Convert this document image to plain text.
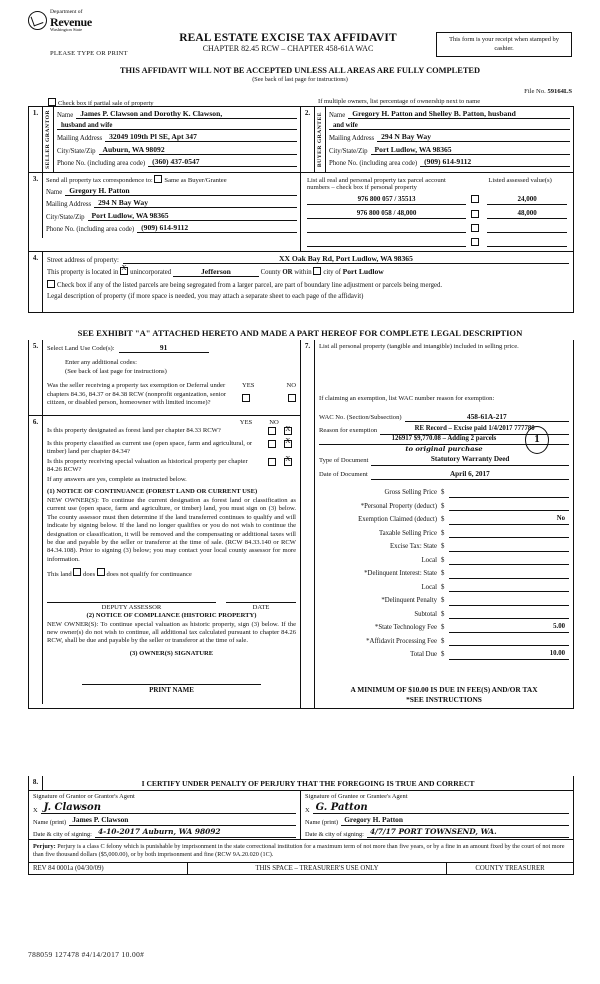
Department of
Revenue
Washington State
PLEASE TYPE OR PRINT
REAL ESTATE EXCISE TAX AFFIDAVIT
CHAPTER 82.45 RCW – CHAPTER 458-61A WAC
This form is your receipt when stamped by cashier.
THIS AFFIDAVIT WILL NOT BE ACCEPTED UNLESS ALL AREAS ARE FULLY COMPLETED
(See back of last page for instructions)
File No. 59164LS
Check box if partial sale of property	If multiple owners, list percentage of ownership next to name
1.	SELLER GRANTOR Name James P. Clawson and Dorothy K. Clawson,
husband and wife
Mailing Address 32049 109th Pl SE, Apt 347
City/State/Zip Auburn, WA 98092
Phone No. (including area code) (360) 437-0547
2.	BUYER GRANTEE Name Gregory H. Patton and Shelley B. Patton, husband
and wife
Mailing Address 294 N Bay Way
City/State/Zip Port Ludlow, WA 98365
Phone No. (including area code) (909) 614-9112
3.	Send all property tax correspondence to: Same as Buyer/Grantee
Name Gregory H. Patton
Mailing Address 294 N Bay Way
City/State/Zip Port Ludlow, WA 98365
Phone No. (including area code) (909) 614-9112
List all real and personal property tax parcel account numbers – check box if personal property	Listed assessed value(s)

976 800 057 / 35513	24,000

976 800 058 / 48,000	48,000

4.	Street address of property:	XX Oak Bay Rd, Port Ludlow, WA 98365
This property is located in X unincorporated	Jefferson	County OR within city of Port Ludlow
Check box if any of the listed parcels are being segregated from a larger parcel, are part of boundary line adjustment or parcels being merged.
Legal description of property (if more space is needed, you may attach a separate sheet to each page of the affidavit)
SEE EXHIBIT "A" ATTACHED HERETO AND MADE A PART HEREOF FOR COMPLETE LEGAL DESCRIPTION
5.	Select Land Use Code(s):	91
Enter any additional codes:
(See back of last page for instructions)
Was the seller receiving a property tax exemption or Deferral under chapters 84.36, 84.37 or 84.38 RCW (nonprofit organization, senior citizen, or disabled person, homeowner with limited income)?
YES	NO
6.	YES	NO
Is this property designated as forest land per chapter 84.33 RCW?
X
Is this property classified as current use (open space, farm and agricultural, or timber) land per chapter 84.34?
X
Is this property receiving special valuation as historical property per chapter 84.26 RCW?
X
If any answers are yes, complete as instructed below.
(1) NOTICE OF CONTINUANCE (FOREST LAND OR CURRENT USE)
NEW OWNER(S): To continue the current designation as forest land or classification as current use (open space, farm and agriculture, or timber) land, you must sign on (3) below. The county assessor must then determine if the land transferred continues to qualify and will indicate by signing below. If the land no longer qualifies or you do not wish to continue the designation or classification, it will be removed and the compensating or additional taxes will be due and payable by the seller or transferor at the time of sale. (RCW 84.33.140 or RCW 84.34.108). Prior to signing (3) below; you may contact your local county assessor for more information.
This land does does not qualify for continuance
DEPUTY ASSESSOR	DATE
(2) NOTICE OF COMPLIANCE (HISTORIC PROPERTY)
NEW OWNER(S): To continue special valuation as historic property, sign (3) below. If the new owner(s) do not wish to continue, all additional tax calculated pursuant to chapter 84.26 RCW, shall be due and payable by the seller or transferor at the time of sale.
(3) OWNER(S) SIGNATURE
PRINT NAME
7.	List all personal property (tangible and intangible) included in selling price.
If claiming an exemption, list WAC number reason for exemption:
WAC No. (Section/Subsection)	458-61A-217
Reason for exemption	RE Record – Excise paid 1/4/2017 777780
126917 $9,770.08 – Adding 2 parcels
to original purchase
Type of Document	Statutory Warranty Deed
Date of Document	April 6, 2017
Gross Selling Price $
*Personal Property (deduct) $
Exemption Claimed (deduct) $	No
Taxable Selling Price $
Excise Tax: State $
Local $
*Delinquent Interest: State $
Local $
*Delinquent Penalty $
Subtotal $
*State Technology Fee $	5.00
*Affidavit Processing Fee $
Total Due $	10.00
A MINIMUM OF $10.00 IS DUE IN FEE(S) AND/OR TAX
*SEE INSTRUCTIONS
1
8.	I CERTIFY UNDER PENALTY OF PERJURY THAT THE FOREGOING IS TRUE AND CORRECT
Signature of Grantor or Grantor's Agent
X J. Clawson
Name (print) James P. Clawson
Date & city of signing: 4-10-2017 Auburn, WA 98092
Signature of Grantee or Grantee's Agent
X G. Patton
Name (print) Gregory H. Patton
Date & city of signing: 4/7/17 PORT TOWNSEND, WA.
Perjury: Perjury is a class C felony which is punishable by imprisonment in the state correctional institution for a maximum term of not more than five years, or by a fine in an amount fixed by the court of not more than five thousand dollars ($5,000.00), or by both imprisonment and fine (RCW 9A.20.020 (1C).
REV 84 0001a (04/30/09)	THIS SPACE – TREASURER'S USE ONLY	COUNTY TREASURER
788059 127478 #4/14/2017 10.00#
